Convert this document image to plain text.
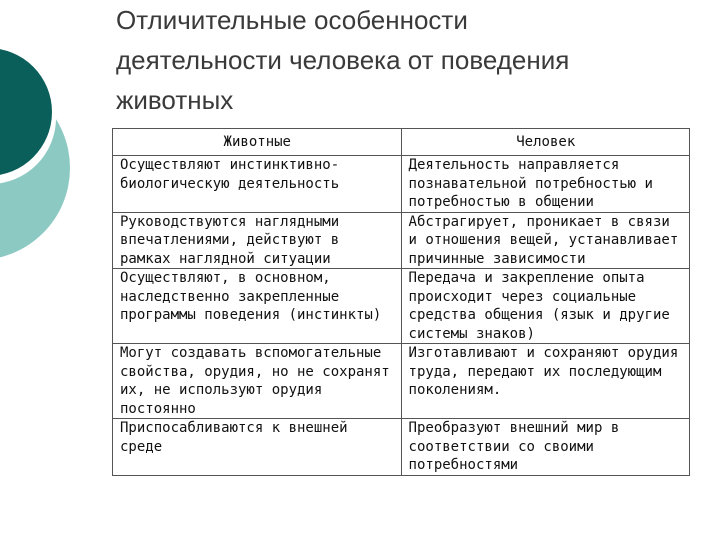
Отличительные особенности
деятельности человека от поведения
животных
Животные	Человек
Осуществляют инстинктивно-биологическую деятельность	Деятельность направляется познавательной потребностью и потребностью в общении
Руководствуются наглядными впечатлениями, действуют в рамках наглядной ситуации	Абстрагирует, проникает в связи и отношения вещей, устанавливает причинные зависимости
Осуществляют, в основном, наследственно закрепленные программы поведения (инстинкты)	Передача и закрепление опыта происходит через социальные средства общения (язык и другие системы знаков)
Могут создавать вспомогательные свойства, орудия, но не сохранят их, не используют орудия постоянно	Изготавливают и сохраняют орудия труда, передают их последующим поколениям.
Приспосабливаются к внешней среде	Преобразуют внешний мир в соответствии со своими потребностями
